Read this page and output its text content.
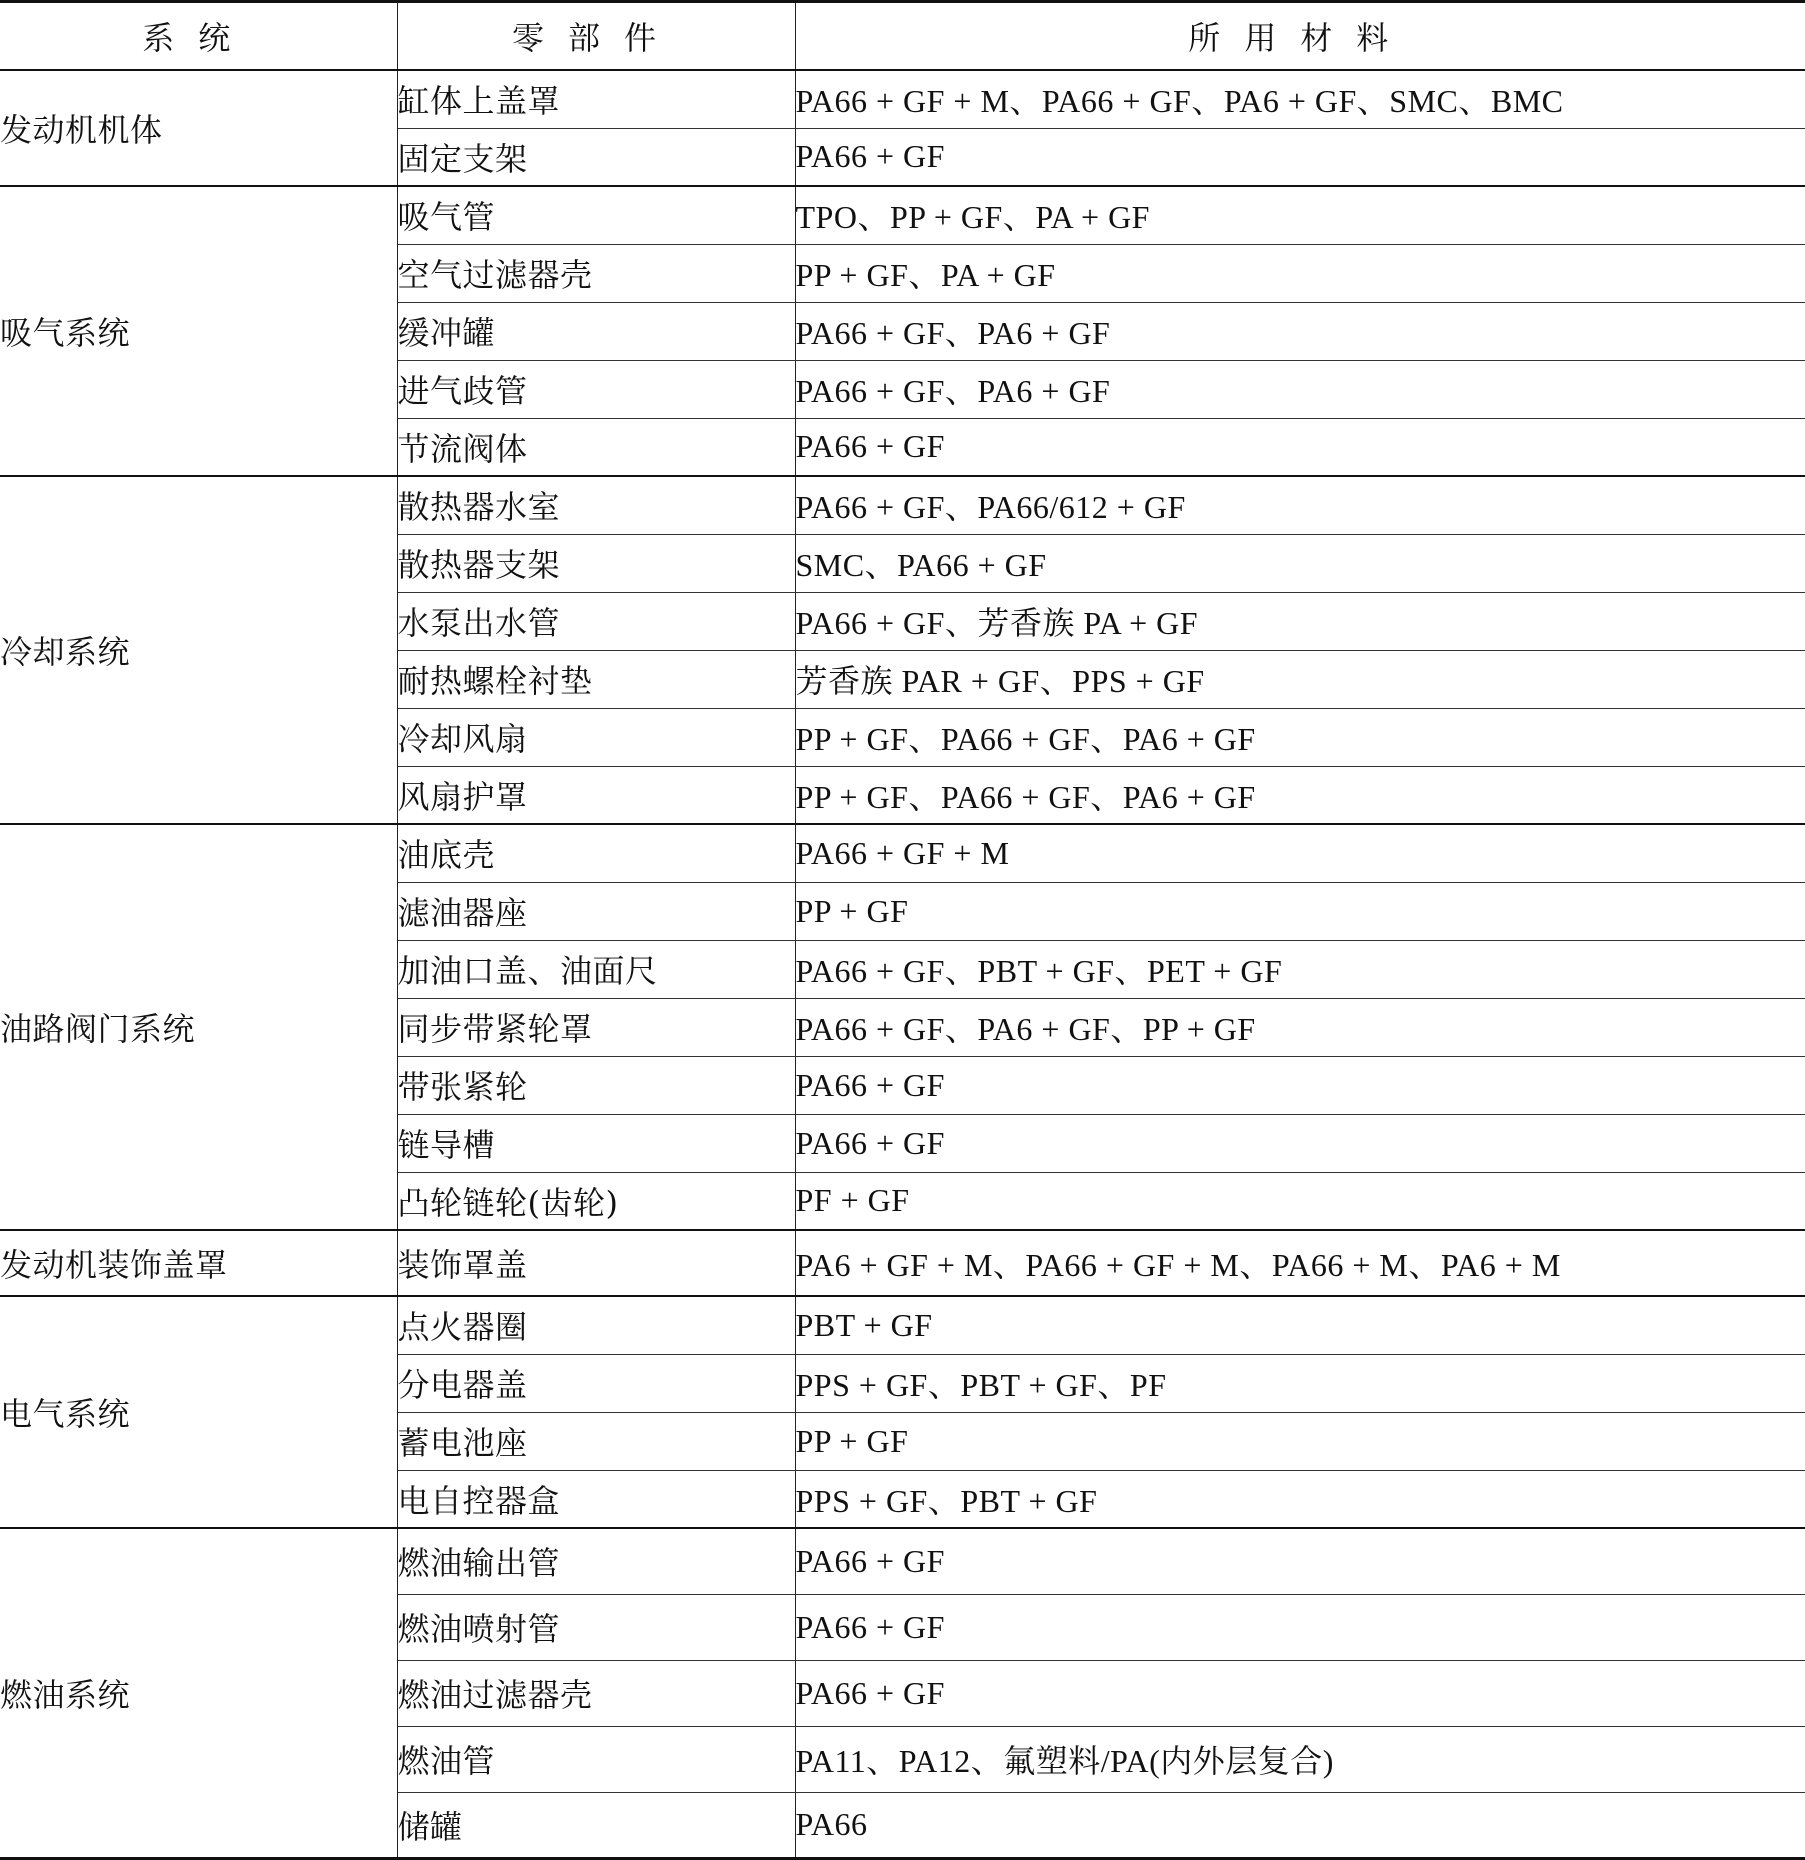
系统	零部件	所用材料
发动机机体	缸体上盖罩	PA66 + GF + M、PA66 + GF、PA6 + GF、SMC、BMC
	固定支架	PA66 + GF
吸气系统	吸气管	TPO、PP + GF、PA + GF
	空气过滤器壳	PP + GF、PA + GF
	缓冲罐	PA66 + GF、PA6 + GF
	进气歧管	PA66 + GF、PA6 + GF
	节流阀体	PA66 + GF
冷却系统	散热器水室	PA66 + GF、PA66/612 + GF
	散热器支架	SMC、PA66 + GF
	水泵出水管	PA66 + GF、芳香族 PA + GF
	耐热螺栓衬垫	芳香族 PAR + GF、PPS + GF
	冷却风扇	PP + GF、PA66 + GF、PA6 + GF
	风扇护罩	PP + GF、PA66 + GF、PA6 + GF
油路阀门系统	油底壳	PA66 + GF + M
	滤油器座	PP + GF
	加油口盖、油面尺	PA66 + GF、PBT + GF、PET + GF
	同步带紧轮罩	PA66 + GF、PA6 + GF、PP + GF
	带张紧轮	PA66 + GF
	链导槽	PA66 + GF
	凸轮链轮(齿轮)	PF + GF
发动机装饰盖罩	装饰罩盖	PA6 + GF + M、PA66 + GF + M、PA66 + M、PA6 + M
电气系统	点火器圈	PBT + GF
	分电器盖	PPS + GF、PBT + GF、PF
	蓄电池座	PP + GF
	电自控器盒	PPS + GF、PBT + GF
燃油系统	燃油输出管	PA66 + GF
	燃油喷射管	PA66 + GF
	燃油过滤器壳	PA66 + GF
	燃油管	PA11、PA12、氟塑料/PA(内外层复合)
	储罐	PA66
